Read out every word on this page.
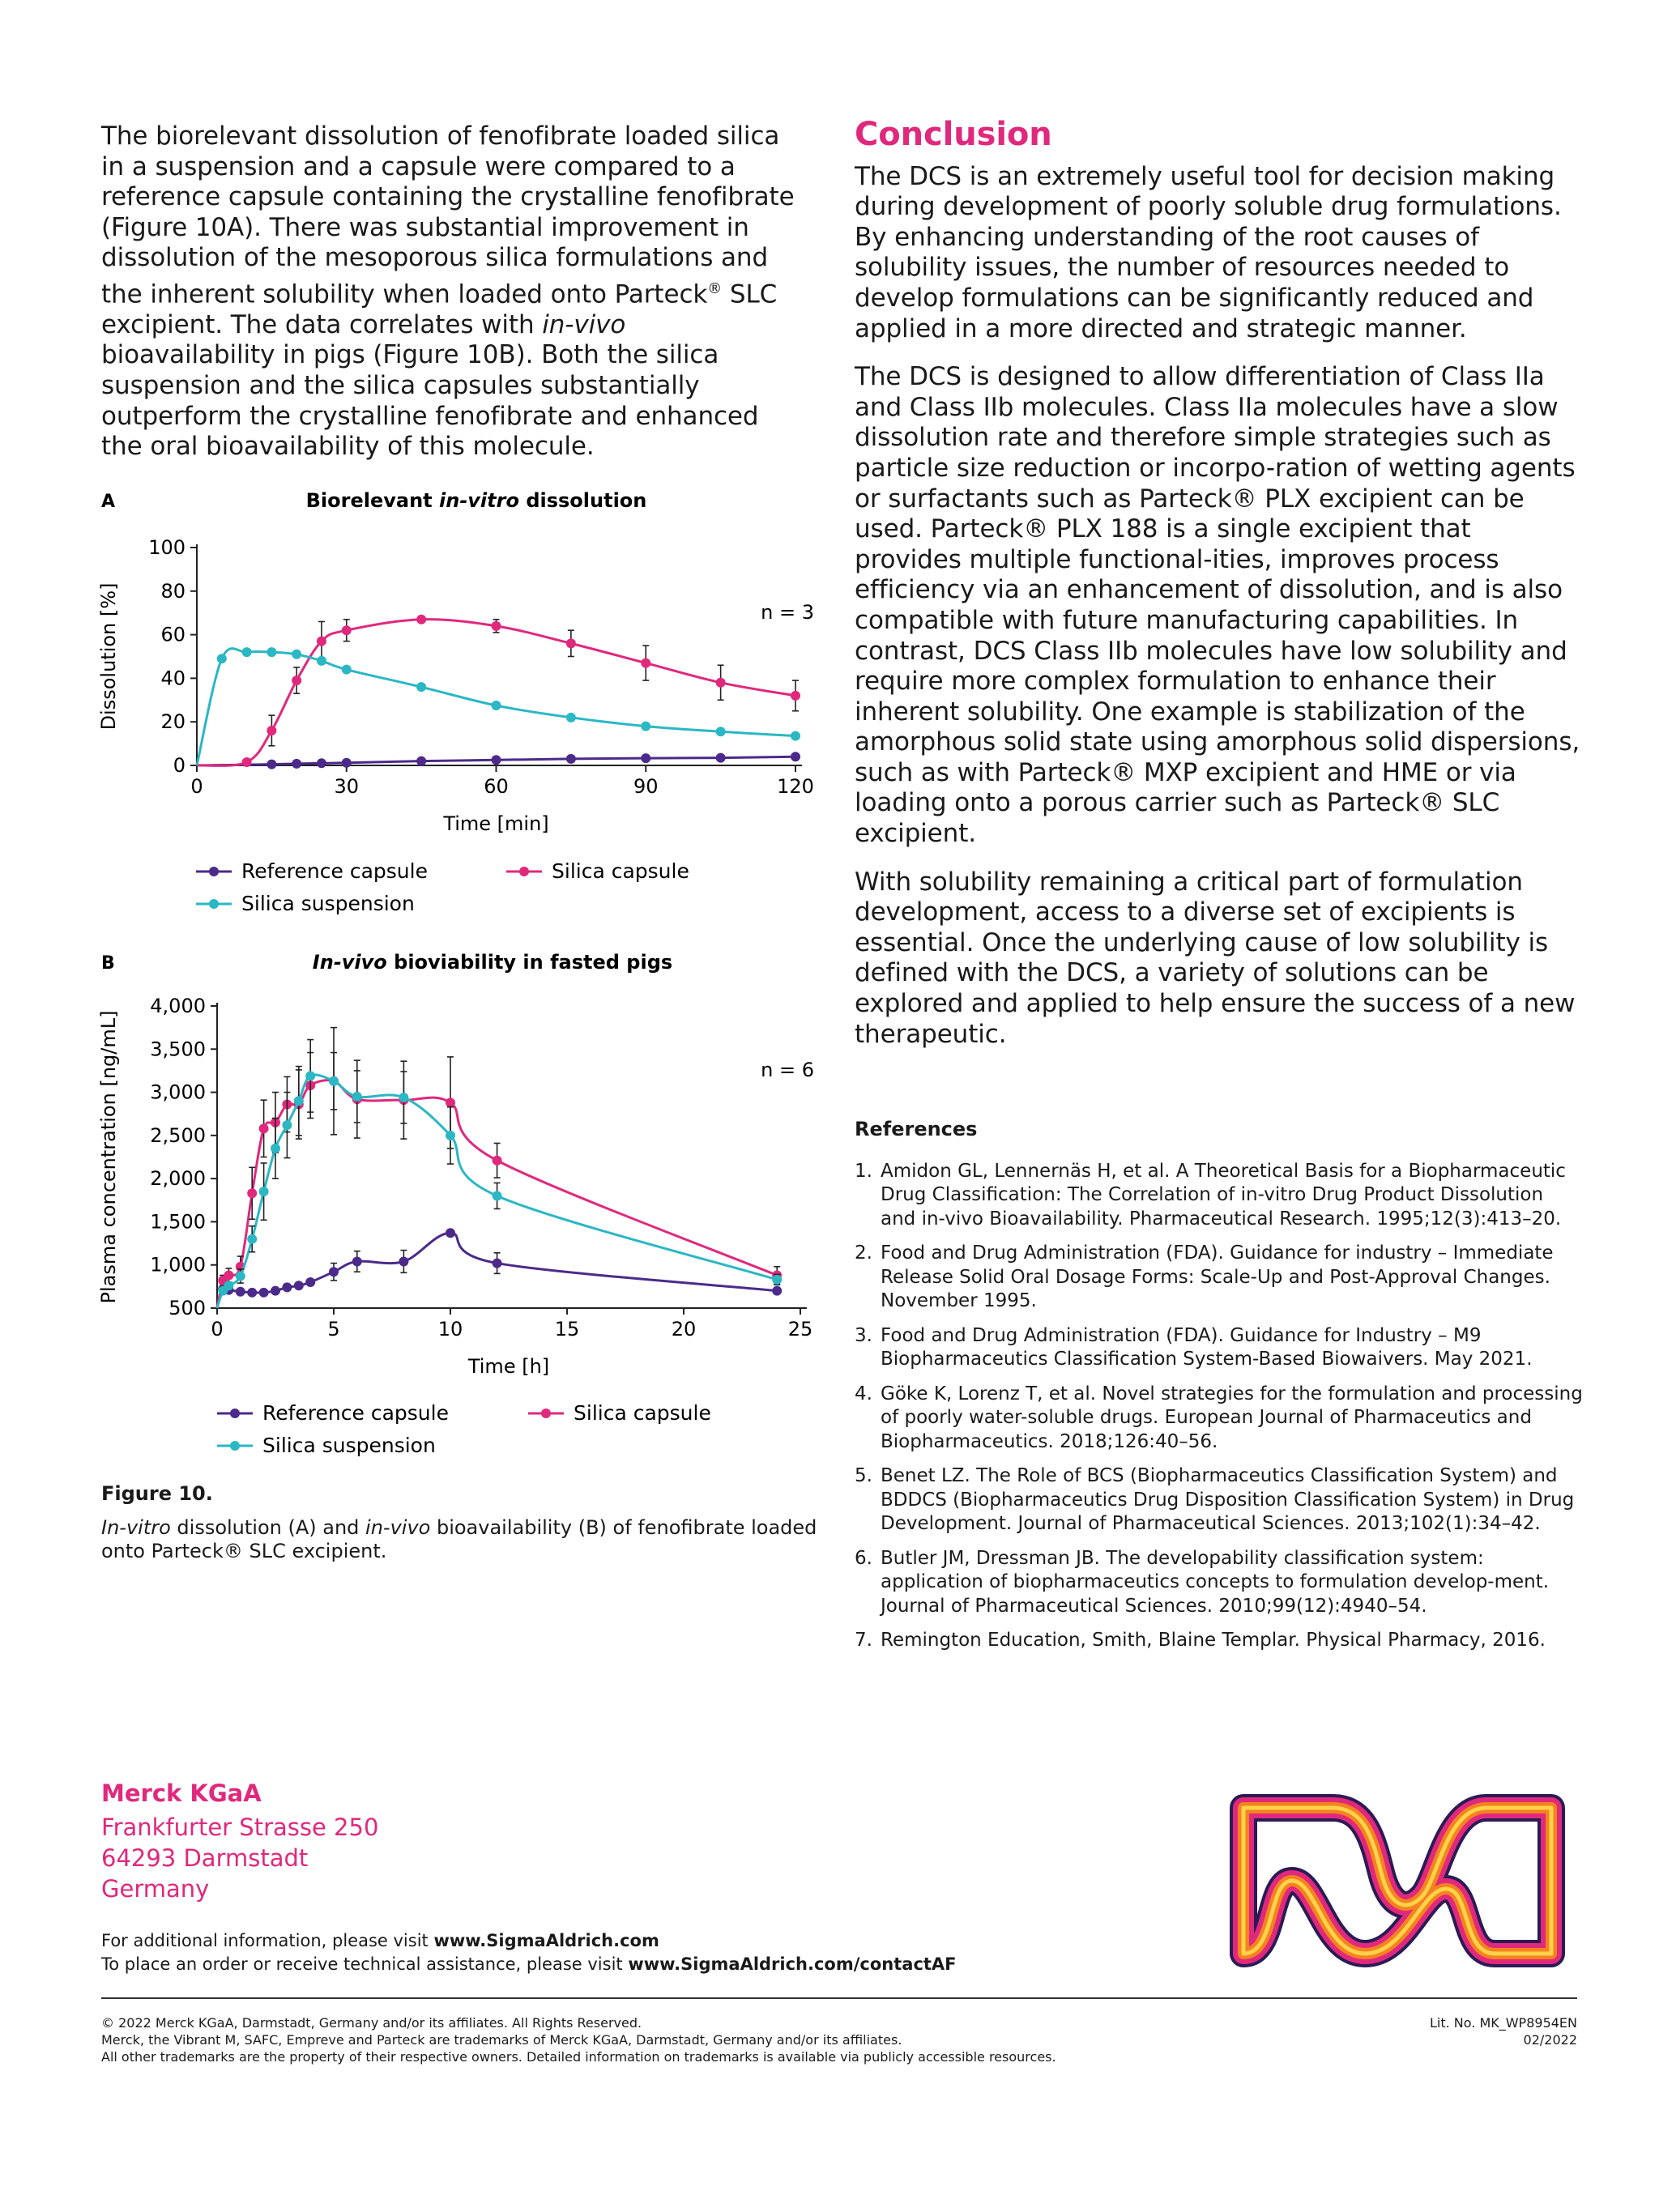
The biorelevant dissolution of fenofibrate loaded silica in a suspension and a capsule were compared to a reference capsule containing the crystalline fenofibrate (Figure 10A). There was substantial improvement in dissolution of the mesoporous silica formulations and the inherent solubility when loaded onto Parteck® SLC excipient. The data correlates with in-vivo bioavailability in pigs (Figure 10B). Both the silica suspension and the silica capsules substantially outperform the crystalline fenofibrate and enhanced the oral bioavailability of this molecule.

Conclusion

The DCS is an extremely useful tool for decision making during development of poorly soluble drug formulations. By enhancing understanding of the root causes of solubility issues, the number of resources needed to develop formulations can be significantly reduced and applied in a more directed and strategic manner.

The DCS is designed to allow differentiation of Class IIa and Class IIb molecules. Class IIa molecules have a slow dissolution rate and therefore simple strategies such as particle size reduction or incorpo-ration of wetting agents or surfactants such as Parteck® PLX excipient can be used. Parteck® PLX 188 is a single excipient that provides multiple functional-ities, improves process efficiency via an enhancement of dissolution, and is also compatible with future manufacturing capabilities. In contrast, DCS Class IIb molecules have low solubility and require more complex formulation to enhance their inherent solubility. One example is stabilization of the amorphous solid state using amorphous solid dispersions, such as with Parteck® MXP excipient and HME or via loading onto a porous carrier such as Parteck® SLC excipient.

With solubility remaining a critical part of formulation development, access to a diverse set of excipients is essential. Once the underlying cause of low solubility is defined with the DCS, a variety of solutions can be explored and applied to help ensure the success of a new therapeutic.

References
1. Amidon GL, Lennernäs H, et al. A Theoretical Basis for a Biopharmaceutic Drug Classification: The Correlation of in-vitro Drug Product Dissolution and in-vivo Bioavailability. Pharmaceutical Research. 1995;12(3):413–20.
2. Food and Drug Administration (FDA). Guidance for industry – Immediate Release Solid Oral Dosage Forms: Scale-Up and Post-Approval Changes. November 1995.
3. Food and Drug Administration (FDA). Guidance for Industry – M9 Biopharmaceutics Classification System-Based Biowaivers. May 2021.
4. Göke K, Lorenz T, et al. Novel strategies for the formulation and processing of poorly water-soluble drugs. European Journal of Pharmaceutics and Biopharmaceutics. 2018;126:40–56.
5. Benet LZ. The Role of BCS (Biopharmaceutics Classification System) and BDDCS (Biopharmaceutics Drug Disposition Classification System) in Drug Development. Journal of Pharmaceutical Sciences. 2013;102(1):34–42.
6. Butler JM, Dressman JB. The developability classification system: application of biopharmaceutics concepts to formulation develop-ment. Journal of Pharmaceutical Sciences. 2010;99(12):4940–54.
7. Remington Education, Smith, Blaine Templar. Physical Pharmacy, 2016.
A	Biorelevant in-vitro dissolution
0	30	60	90	120
0
20
40
60
80
100
Time [min]
Dissolution [%]	n = 3
Reference capsule	Silica capsule
Silica suspension
B	In-vivo bioviability in fasted pigs
0	5	10	15	20	25
500
1,000
1,500
2,000
2,500
3,000
3,500
4,000
Time [h]
Plasma concentration [ng/mL]	n = 6
Reference capsule	Silica capsule
Silica suspension
Figure 10.
In-vitro dissolution (A) and in-vivo bioavailability (B) of fenofibrate loaded onto Parteck® SLC excipient.
Merck KGaA
Frankfurter Strasse 250
64293 Darmstadt
Germany
For additional information, please visit www.SigmaAldrich.com
To place an order or receive technical assistance, please visit www.SigmaAldrich.com/contactAF
© 2022 Merck KGaA, Darmstadt, Germany and/or its affiliates. All Rights Reserved.
Merck, the Vibrant M, SAFC, Empreve and Parteck are trademarks of Merck KGaA, Darmstadt, Germany and/or its affiliates.
All other trademarks are the property of their respective owners. Detailed information on trademarks is available via publicly accessible resources.
Lit. No. MK_WP8954EN
02/2022
